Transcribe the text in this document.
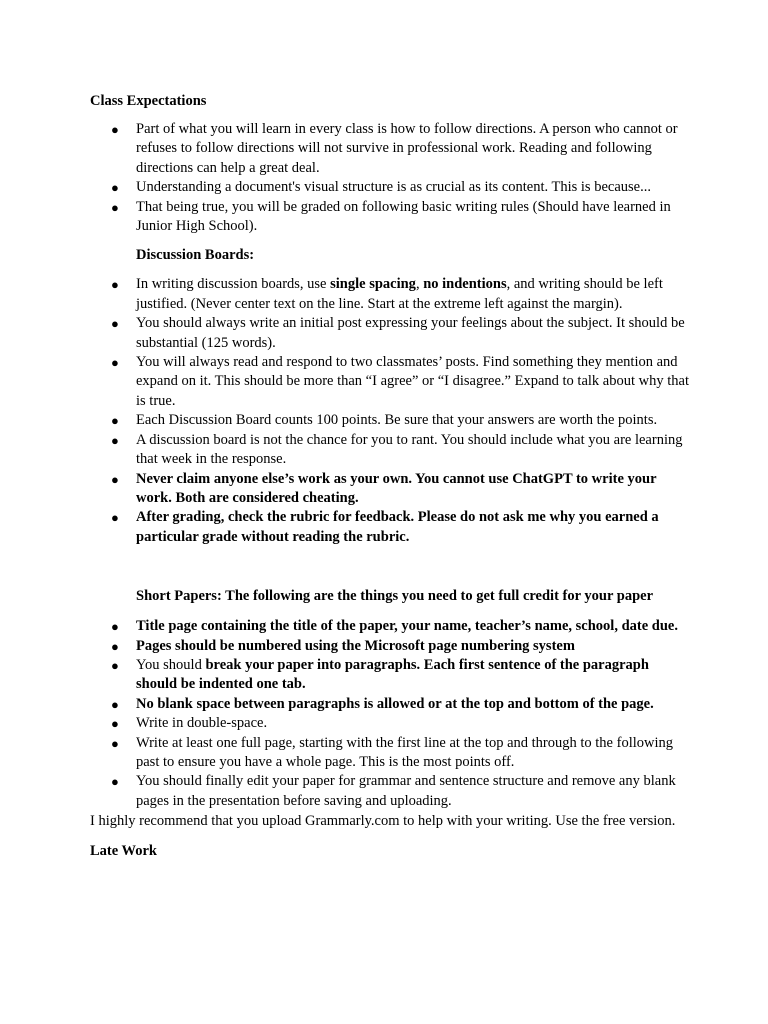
Class Expectations

● Part of what you will learn in every class is how to follow directions. A person who cannot or refuses to follow directions will not survive in professional work. Reading and following directions can help a great deal.
● Understanding a document's visual structure is as crucial as its content. This is because...
● That being true, you will be graded on following basic writing rules (Should have learned in Junior High School).

Discussion Boards:

● In writing discussion boards, use single spacing, no indentions, and writing should be left justified. (Never center text on the line. Start at the extreme left against the margin).
● You should always write an initial post expressing your feelings about the subject. It should be substantial (125 words).
● You will always read and respond to two classmates’ posts. Find something they mention and expand on it. This should be more than “I agree” or “I disagree.” Expand to talk about why that is true.
● Each Discussion Board counts 100 points. Be sure that your answers are worth the points.
● A discussion board is not the chance for you to rant. You should include what you are learning that week in the response.
● Never claim anyone else’s work as your own. You cannot use ChatGPT to write your work. Both are considered cheating.
● After grading, check the rubric for feedback. Please do not ask me why you earned a particular grade without reading the rubric.

Short Papers: The following are the things you need to get full credit for your paper

● Title page containing the title of the paper, your name, teacher’s name, school, date due.
● Pages should be numbered using the Microsoft page numbering system
● You should break your paper into paragraphs. Each first sentence of the paragraph should be indented one tab.
● No blank space between paragraphs is allowed or at the top and bottom of the page.
● Write in double-space.
● Write at least one full page, starting with the first line at the top and through to the following past to ensure you have a whole page. This is the most points off.
● You should finally edit your paper for grammar and sentence structure and remove any blank pages in the presentation before saving and uploading.

I highly recommend that you upload Grammarly.com to help with your writing. Use the free version.

Late Work
